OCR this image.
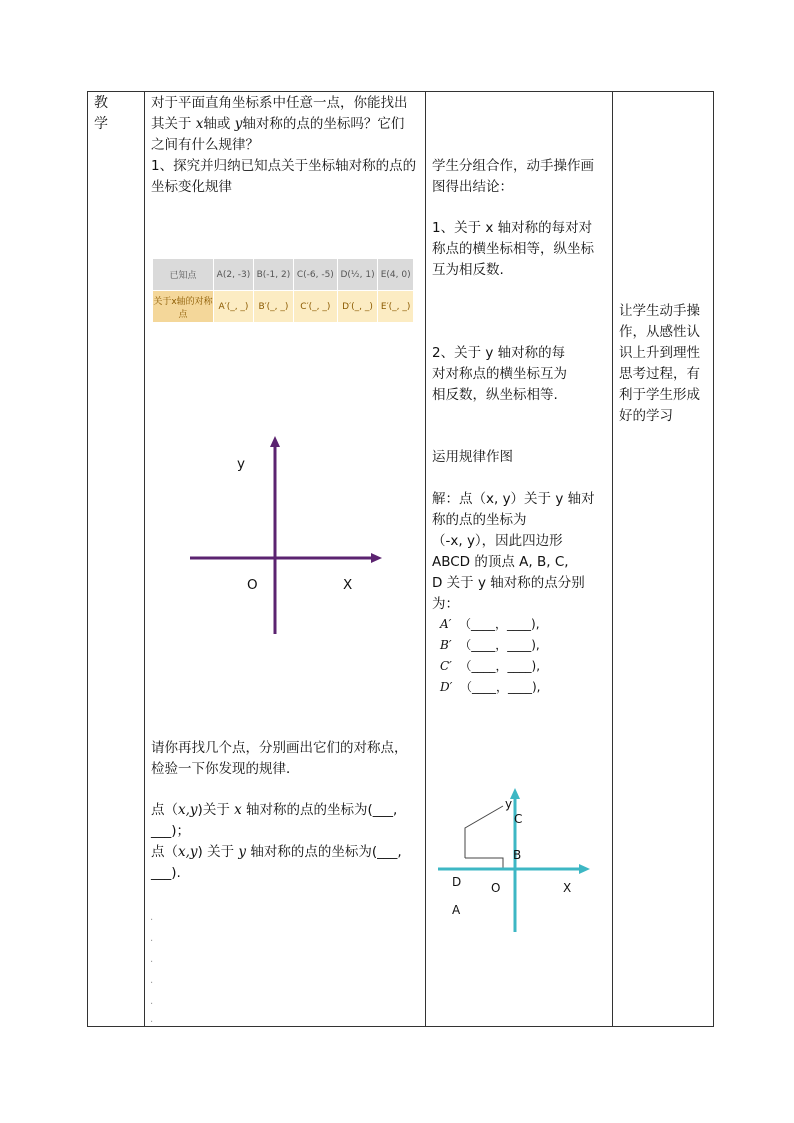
教
学
对于平面直角坐标系中任意一点，你能找出
其关于 x轴或 y轴对称的点的坐标吗？它们
之间有什么规律？
1、探究并归纳已知点关于坐标轴对称的点的
坐标变化规律
已知点	A(2, -3)	B(-1, 2)	C(-6, -5)	D(½, 1)	E(4, 0)
关于x轴的对称点	A′(_, _)	B′(_, _)	C′(_, _)	D′(_, _)	E′(_, _)
y
O	X
请你再找几个点，分别画出它们的对称点，
检验一下你发现的规律．
点（x,y)关于 x 轴对称的点的坐标为(___,
___)；
点（x,y) 关于 y 轴对称的点的坐标为(___,
___).
.
.
.
.
.
.
学生分组合作，动手操作画
图得出结论：
1、关于 x 轴对称的每对对
称点的横坐标相等，纵坐标
互为相反数.
2、关于 y 轴对称的每
对对称点的横坐标互为
相反数，纵坐标相等.
运用规律作图
解：点（x, y）关于 y 轴对
称的点的坐标为
（-x, y），因此四边形
ABCD 的顶点 A, B, C,
D 关于 y 轴对称的点分别
为：
A′ （____，____),
B′ （____，____),
C′ （____，____),
D′ （____，____),
y
C
B
D O	X
A
让学生动手操
作，从感性认
识上升到理性
思考过程，有
利于学生形成
好的学习
